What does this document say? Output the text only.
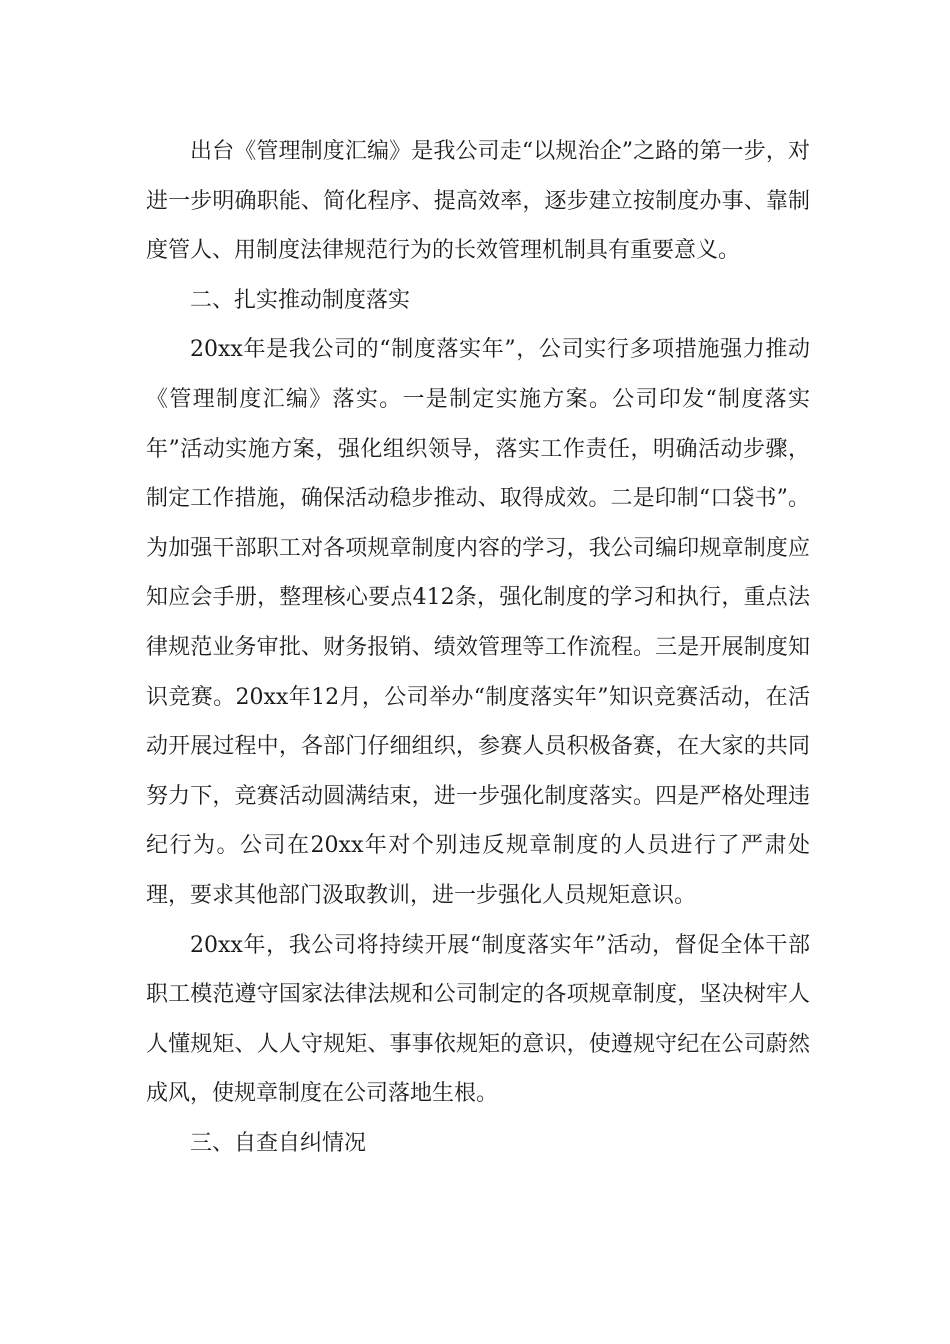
出台《管理制度汇编》是我公司走“以规治企”之路的第一步，对进一步明确职能、简化程序、提高效率，逐步建立按制度办事、靠制度管人、用制度法律规范行为的长效管理机制具有重要意义。

二、扎实推动制度落实

20xx年是我公司的“制度落实年”，公司实行多项措施强力推动《管理制度汇编》落实。一是制定实施方案。公司印发“制度落实年”活动实施方案，强化组织领导，落实工作责任，明确活动步骤，制定工作措施，确保活动稳步推动、取得成效。二是印制“口袋书”。为加强干部职工对各项规章制度内容的学习，我公司编印规章制度应知应会手册，整理核心要点412条，强化制度的学习和执行，重点法律规范业务审批、财务报销、绩效管理等工作流程。三是开展制度知识竞赛。20xx年12月，公司举办“制度落实年”知识竞赛活动，在活动开展过程中，各部门仔细组织，参赛人员积极备赛，在大家的共同努力下，竞赛活动圆满结束，进一步强化制度落实。四是严格处理违纪行为。公司在20xx年对个别违反规章制度的人员进行了严肃处理，要求其他部门汲取教训，进一步强化人员规矩意识。

20xx年，我公司将持续开展“制度落实年”活动，督促全体干部职工模范遵守国家法律法规和公司制定的各项规章制度，坚决树牢人人懂规矩、人人守规矩、事事依规矩的意识，使遵规守纪在公司蔚然成风，使规章制度在公司落地生根。

三、自查自纠情况
